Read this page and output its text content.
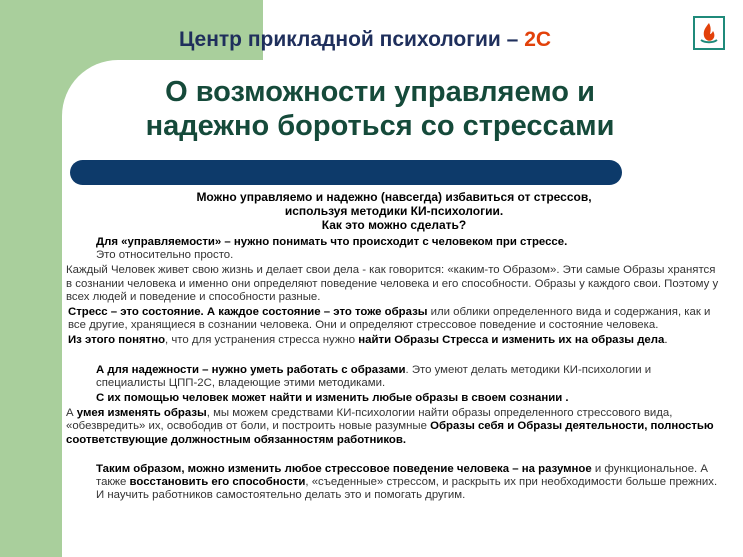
Центр прикладной психологии – 2С
О возможности управляемо и
надежно бороться со стрессами
Можно управляемо и надежно (навсегда) избавиться от стрессов,
используя методики КИ-психологии.
Как это можно сделать?
Для «управляемости» – нужно понимать что происходит с человеком при стрессе.
Это относительно просто.
Каждый Человек живет свою жизнь и делает свои дела - как говорится: «каким-то Образом». Эти самые Образы хранятся в сознании человека и именно они определяют поведение человека и его способности. Образы у каждого свои. Поэтому у всех людей и поведение и способности разные.
Стресс – это состояние. А каждое состояние – это тоже образы или облики определенного вида и содержания, как и все другие, хранящиеся в сознании человека. Они и определяют стрессовое поведение и состояние человека.
Из этого понятно, что для устранения стресса нужно найти Образы Стресса и изменить их на образы дела.
А для надежности – нужно уметь работать с образами. Это умеют делать методики КИ-психологии и специалисты ЦПП-2С, владеющие этими методиками.
С их помощью человек может найти и изменить любые образы в своем сознании .
А умея изменять образы, мы можем средствами КИ-психологии найти образы определенного стрессового вида, «обезвредить» их, освободив от боли, и построить новые разумные Образы себя и Образы деятельности, полностью соответствующие должностным обязанностям работников.
Таким образом, можно изменить любое стрессовое поведение человека – на разумное и функциональное. А также восстановить его способности, «съеденные» стрессом, и раскрыть их при необходимости больше прежних. И научить работников самостоятельно делать это и помогать другим.
